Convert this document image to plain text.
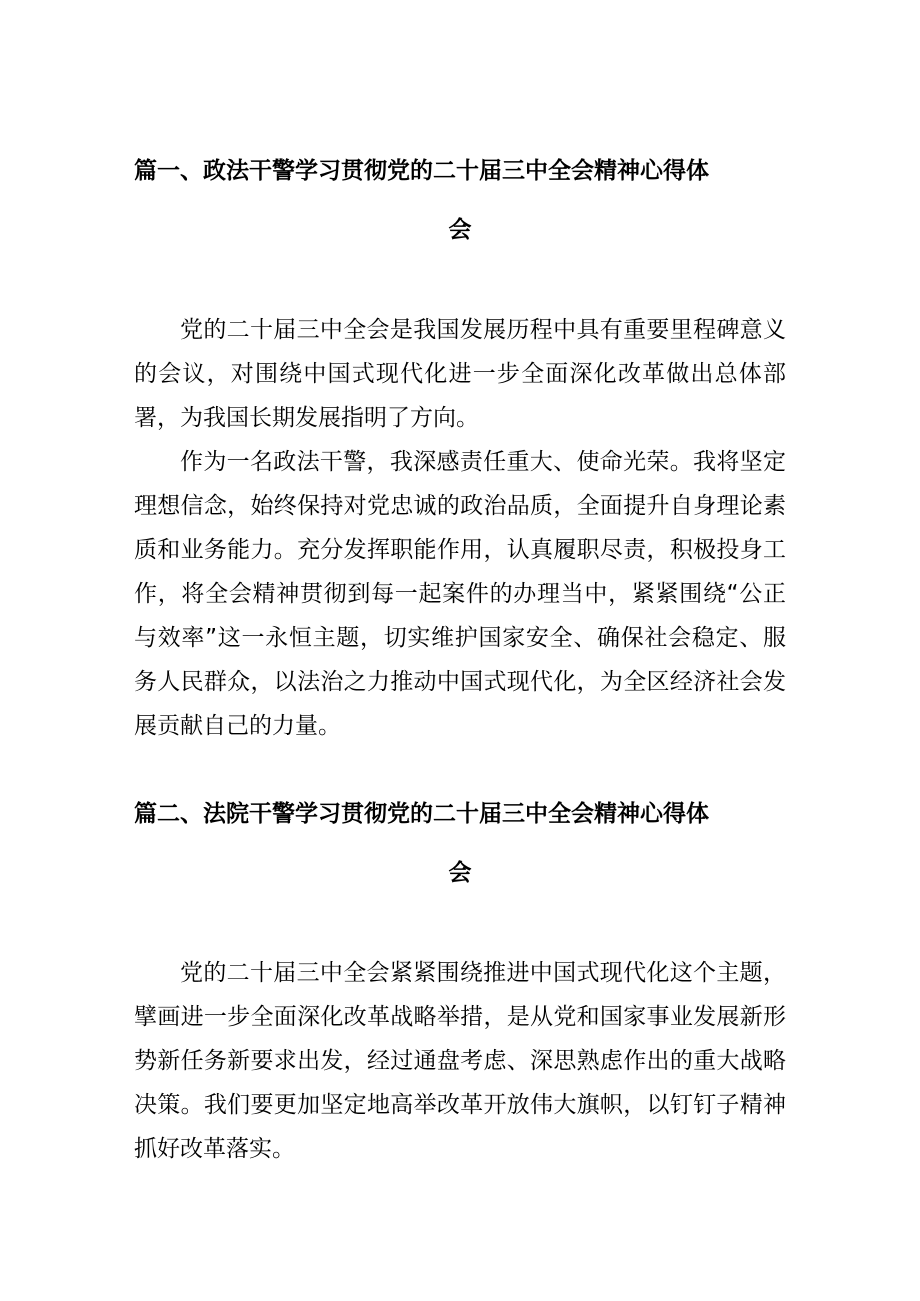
篇一、政法干警学习贯彻党的二十届三中全会精神心得体
会

党的二十届三中全会是我国发展历程中具有重要里程碑意义的会议，对围绕中国式现代化进一步全面深化改革做出总体部署，为我国长期发展指明了方向。

作为一名政法干警，我深感责任重大、使命光荣。我将坚定理想信念，始终保持对党忠诚的政治品质，全面提升自身理论素质和业务能力。充分发挥职能作用，认真履职尽责，积极投身工作，将全会精神贯彻到每一起案件的办理当中，紧紧围绕“公正与效率”这一永恒主题，切实维护国家安全、确保社会稳定、服务人民群众，以法治之力推动中国式现代化，为全区经济社会发展贡献自己的力量。

篇二、法院干警学习贯彻党的二十届三中全会精神心得体
会

党的二十届三中全会紧紧围绕推进中国式现代化这个主题，擘画进一步全面深化改革战略举措，是从党和国家事业发展新形势新任务新要求出发，经过通盘考虑、深思熟虑作出的重大战略决策。我们要更加坚定地高举改革开放伟大旗帜，以钉钉子精神抓好改革落实。
